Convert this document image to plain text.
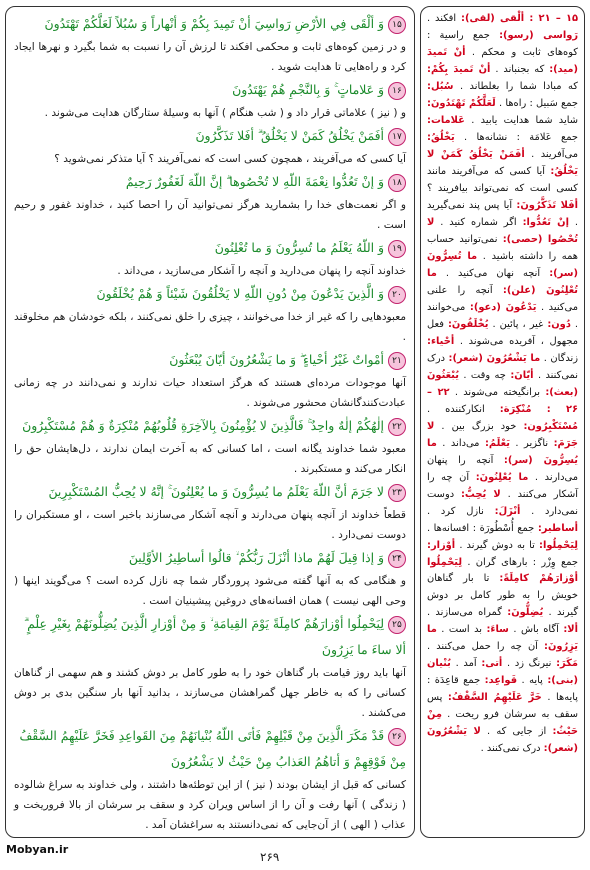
۱۵وَ ألْقَى فِي الأرْضِ رَواسِيَ أنْ تَمِيدَ بِكُمْ وَ أنْهاراً وَ سُبُلاً لَعَلَّكُمْ تَهْتَدُونَ

و در زمین کوه‌های ثابت و محکمی افکند تا لرزش آن را نسبت به شما بگیرد و نهرها ایجاد کرد و راه‌هایی تا هدایت شوید .

۱۶وَ عَلاماتٍ ۚ وَ بِالنَّجْمِ هُمْ يَهْتَدُونَ

و ( نیز ) علاماتی قرار داد و ( شب هنگام ) آنها به وسیلهٔ ستارگان هدایت می‌شوند .

۱۷أفَمَنْ يَخْلُقُ كَمَنْ لا يَخْلُقُ ۗ أفَلا تَذَكَّرُونَ

آیا کسی که می‌آفریند ، همچون کسی است که نمی‌آفریند ؟ آیا متذکر نمی‌شوید ؟

۱۸وَ إنْ تَعُدُّوا نِعْمَةَ اللّهِ لا تُحْصُوها ۗ إنَّ اللّهَ لَغَفُورٌ رَحِيمٌ

و اگر نعمت‌های خدا را بشمارید هرگز نمی‌توانید آن را احصا کنید ، خداوند غفور و رحیم است .

۱۹وَ اللّهُ يَعْلَمُ ما تُسِرُّونَ وَ ما تُعْلِنُونَ

خداوند آنچه را پنهان می‌دارید و آنچه را آشکار می‌سازید ، می‌داند .

۲۰وَ الَّذِينَ يَدْعُونَ مِنْ دُونِ اللّهِ لا يَخْلُقُونَ شَيْئاً وَ هُمْ يُخْلَقُونَ

معبودهایی را که غیر از خدا می‌خوانند ، چیزی را خلق نمی‌کنند ، بلکه خودشان هم مخلوقند .

۲۱أمْواتٌ غَيْرُ أحْياءٍ ۖ وَ ما يَشْعُرُونَ أيّانَ يُبْعَثُونَ

آنها موجودات مرده‌ای هستند که هرگز استعداد حیات ندارند و نمی‌دانند در چه زمانی عبادت‌کنندگانشان محشور می‌شوند .

۲۲إلٰهُكُمْ إلٰهٌ واحِدٌ ۚ فَالَّذِينَ لا يُؤْمِنُونَ بِالآخِرَةِ قُلُوبُهُمْ مُنْكِرَةٌ وَ هُمْ مُسْتَكْبِرُونَ

معبود شما خداوند یگانه است ، اما کسانی که به آخرت ایمان ندارند ، دل‌هایشان حق را انکار می‌کند و مستکبرند .

۲۳لا جَرَمَ أنَّ اللّهَ يَعْلَمُ ما يُسِرُّونَ وَ ما يُعْلِنُونَ ۚ إنَّهُ لا يُحِبُّ المُسْتَكْبِرِينَ

قطعاً خداوند از آنچه پنهان می‌دارند و آنچه آشکار می‌سازند باخبر است ، او مستکبران را دوست نمی‌دارد .

۲۴وَ إذا قِيلَ لَهُمْ ماذا أنْزَلَ رَبُّكُمْ ۙ قالُوا أساطِيرُ الأوَّلِينَ

و هنگامی که به آنها گفته می‌شود پروردگار شما چه نازل کرده است ؟ می‌گویند اینها ( وحی الهی نیست ) همان افسانه‌های دروغین پیشینیان است .

۲۵لِيَحْمِلُوا أوْزارَهُمْ كامِلَةً يَوْمَ القِيامَةِ ۙ وَ مِنْ أوْزارِ الَّذِينَ يُضِلُّونَهُمْ بِغَيْرِ عِلْمٍ ۗ ألا ساءَ ما يَزِرُونَ

آنها باید روز قیامت بار گناهان خود را به طور کامل بر دوش کشند و هم سهمی از گناهان کسانی را که به خاطر جهل گمراهشان می‌سازند ، بدانید آنها بار سنگین بدی بر دوش می‌کشند .

۲۶قَدْ مَكَرَ الَّذِينَ مِنْ قَبْلِهِمْ فَأتَى اللّهُ بُنْيانَهُمْ مِنَ القَواعِدِ فَخَرَّ عَلَيْهِمُ السَّقْفُ مِنْ فَوْقِهِمْ وَ أتاهُمُ العَذابُ مِنْ حَيْثُ لا يَشْعُرُونَ

کسانی که قبل از ایشان بودند ( نیز ) از این توطئه‌ها داشتند ، ولی خداوند به سراغ شالوده ( زندگی ) آنها رفت و آن را از اساس ویران کرد و سقف بر سرشان از بالا فروریخت و عذاب ( الهی ) از آن‌جایی که نمی‌دانستند به سراغشان آمد .

۱۵ – ۲۱ : ألْقى (لقی): افکند . رَواسی (رسو): جمع راسیة : کوه‌های ثابت و محکم . أنْ تَمیدَ (مید): که بجنباند . أنْ تَمیدَ بِكُمْ: که مبادا شما را بغلطاند . سُبُل: جمع سَبیل : راه‌ها . لَعَلَّكُمْ تَهْتَدُونَ: شاید شما هدایت یابید . عَلامات: جمع عَلامَة : نشانه‌ها . یَخْلُقُ: می‌آفریند . أفَمَنْ یَخْلُقُ كَمَنْ لا یَخْلُقُ: آیا کسی که می‌آفریند مانند کسی است که نمی‌تواند بیافریند ؟ أفَلا تَذَكَّرُونَ: آیا پس پند نمی‌گیرید . إنْ تَعُدُّوا: اگر شماره کنید . لا تُحْصُوا (حصی): نمی‌توانید حساب همه را داشته باشید . ما تُسِرُّونَ (سر): آنچه نهان می‌کنید . ما تُعْلِنُونَ (علن): آنچه را علنی می‌کنید . یَدْعُونَ (دعو): می‌خوانند . دُون: غیر ، پائین . یُخْلَقُونَ: فعل مجهول ، آفریده می‌شوند . أحْیاء: زندگان . ما یَشْعُرُونَ (شعر): درک نمی‌کنند . أیّانَ: چه وقت . یُبْعَثُونَ (بعث): برانگیخته می‌شوند . ۲۲ – ۲۶ : مُنْكِرَة: انکارکننده . مُسْتَكْبِرُون: خود بزرگ بین . لا جَرَمَ: ناگزیر . یَعْلَمُ: می‌داند . ما یُسِرُّونَ (سر): آنچه را پنهان می‌دارند . ما یُعْلِنُونَ: آن چه را آشکار می‌کنند . لا یُحِبُّ: دوست نمی‌دارد . أنْزَلَ: نازل کرد . أساطیر: جمع أُسْطُورَة : افسانه‌ها . لِیَحْمِلُوا: تا به دوش گیرند . أوْزار: جمع وِزْر : بارهای گران . لِیَحْمِلُوا أوْزارَهُمْ كامِلَةً: تا بار گناهان خویش را به طور کامل بر دوش گیرند . یُضِلُّونَ: گمراه می‌سازند . ألا: آگاه باش . ساءَ: بد است . ما یَزِرُونَ: آن چه را حمل می‌کنند . مَكَرَ: نیرنگ زد . أتى: آمد . بُنْیان (بنی): پایه . قَواعِد: جمع قاعِدَة : پایه‌ها . خَرَّ عَلَیْهِمُ السَّقْفُ: پس سقف به سرشان فرو ریخت . مِنْ حَیْثُ: از جایی که . لا یَشْعُرُونَ (شعر): درک نمی‌کنند .

Mobyan.ir
۲۶۹
